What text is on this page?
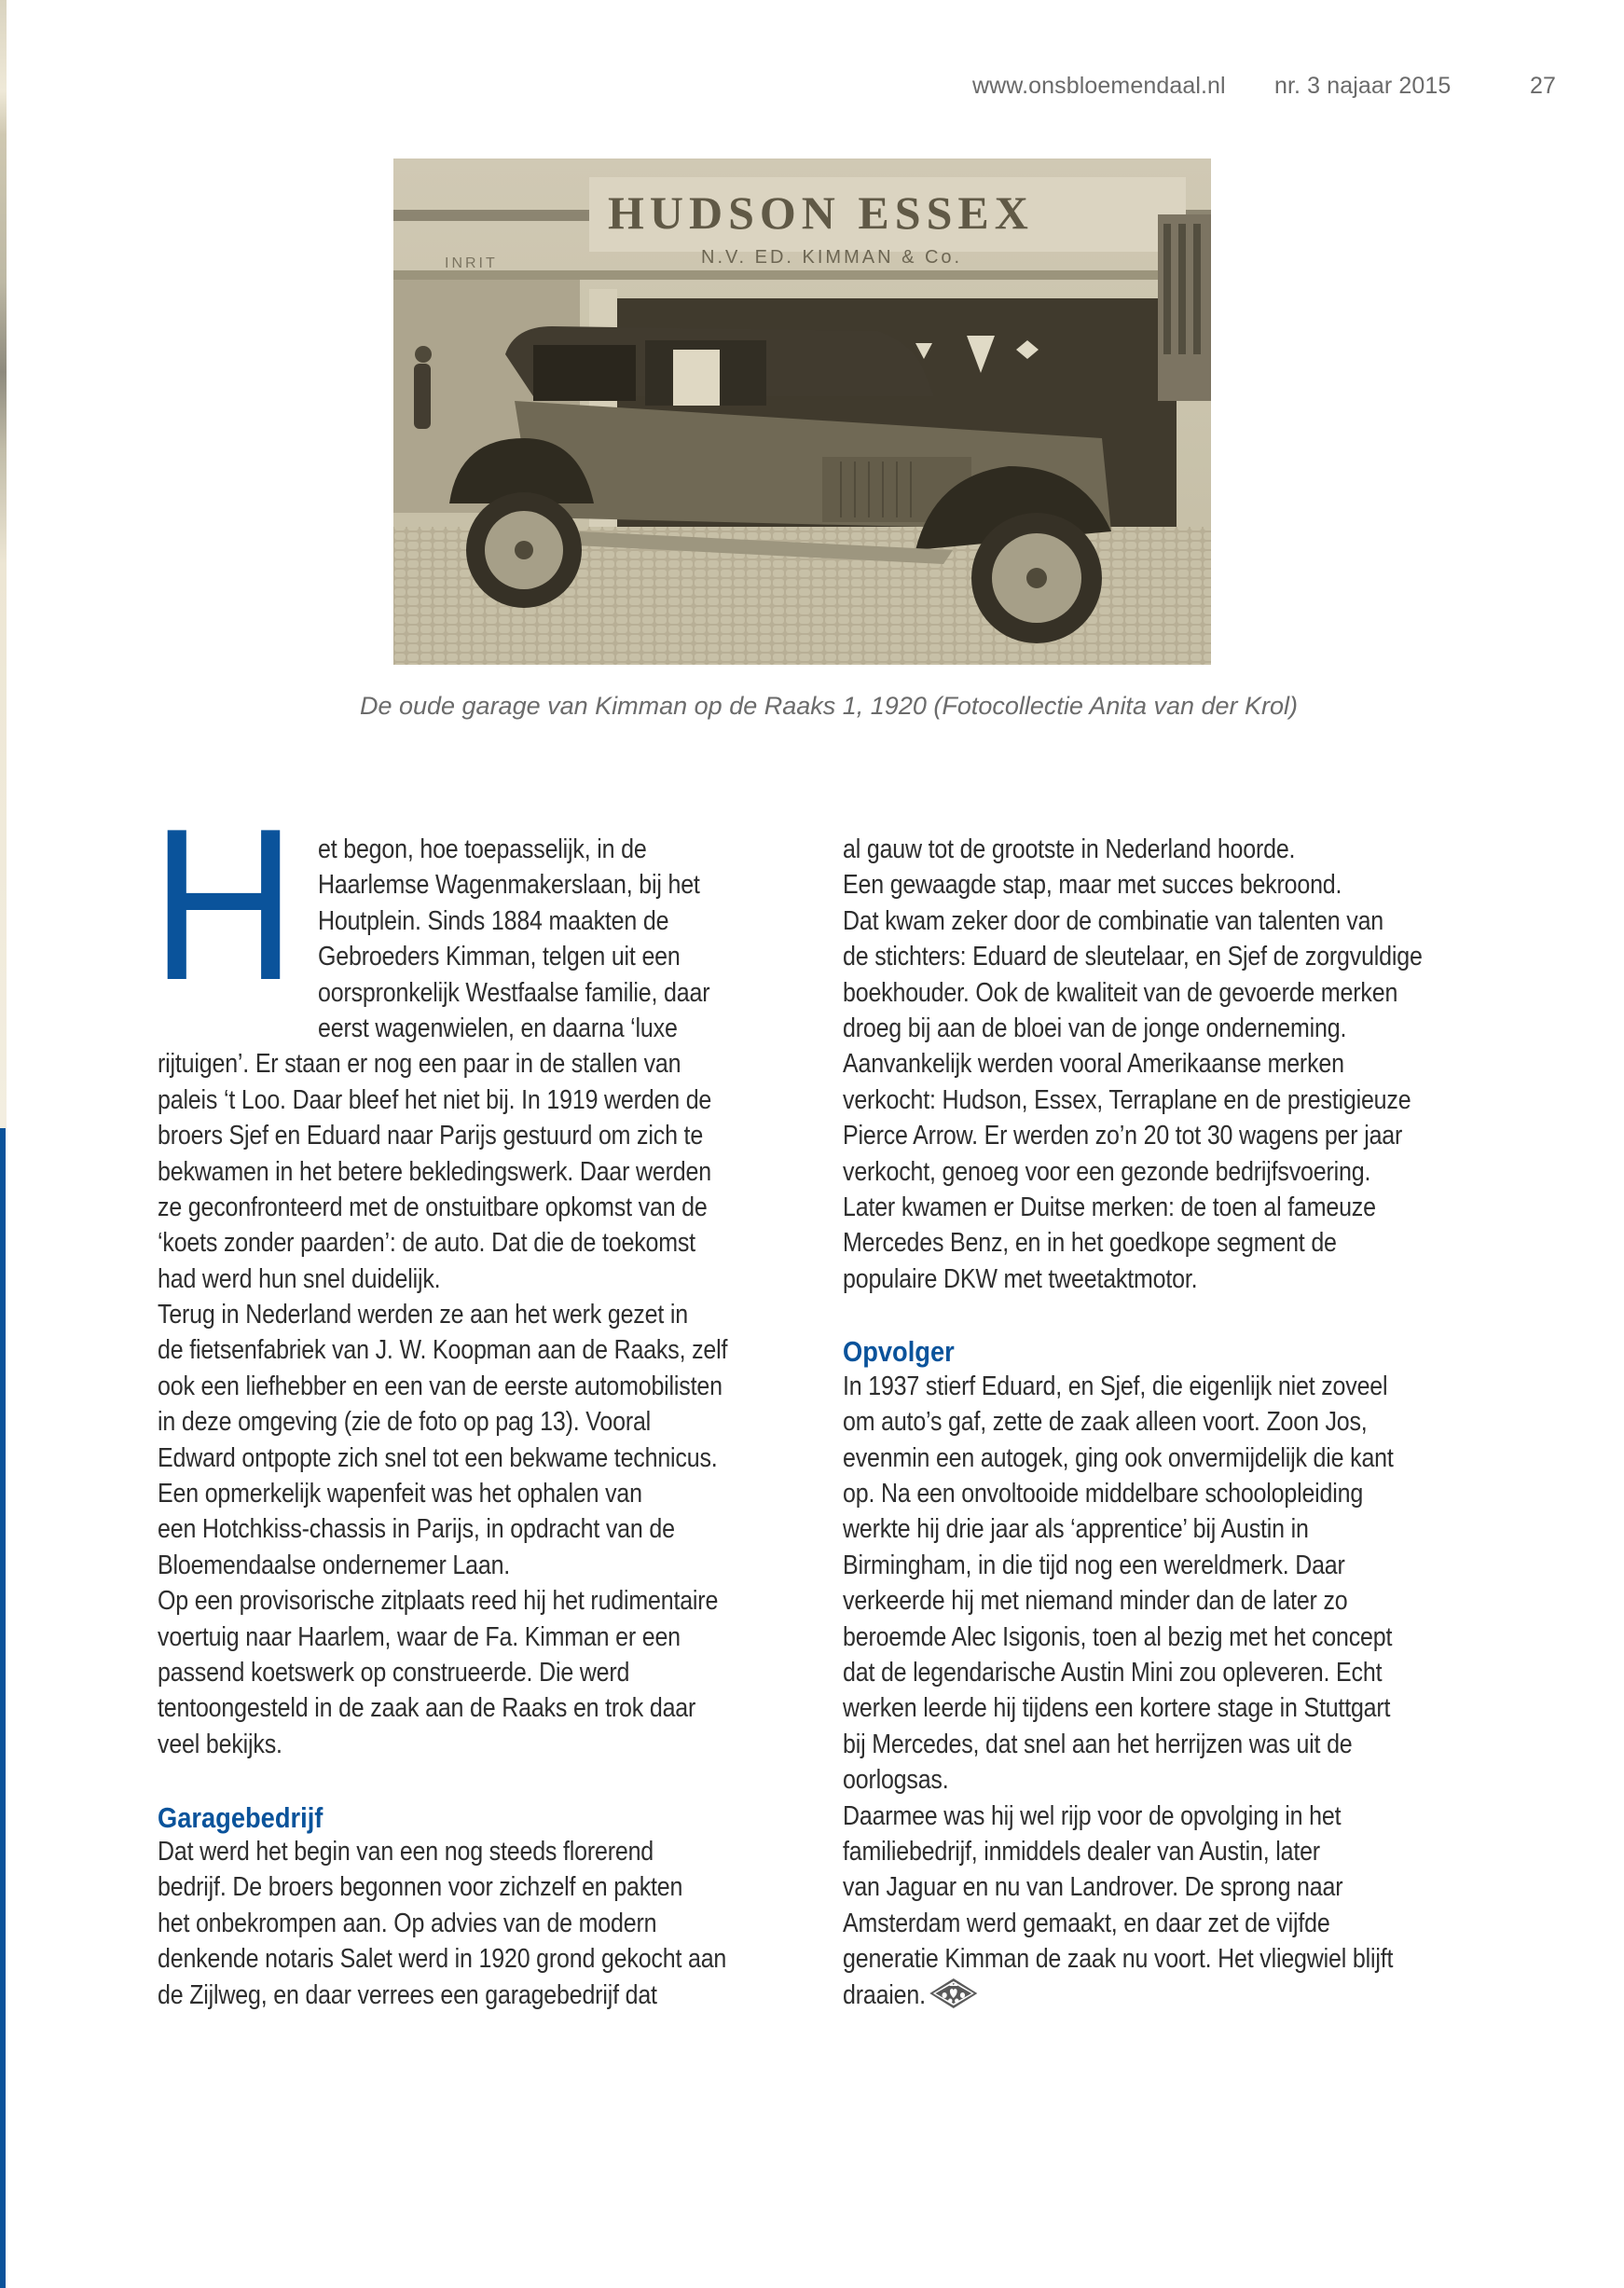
www.onsbloemendaal.nl nr. 3 najaar 2015	27
HUDSON ESSEX
N.V. ED. KIMMAN & Co.
INRIT
De oude garage van Kimman op de Raaks 1, 1920 (Fotocollectie Anita van der Krol)
H et begon, hoe toepasselijk, in de
Haarlemse Wagenmakerslaan, bij het
Houtplein. Sinds 1884 maakten de
Gebroeders Kimman, telgen uit een
oorspronkelijk Westfaalse familie, daar
eerst wagenwielen, en daarna ‘luxe
rijtuigen’. Er staan er nog een paar in de stallen van
paleis ‘t Loo. Daar bleef het niet bij. In 1919 werden de
broers Sjef en Eduard naar Parijs gestuurd om zich te
bekwamen in het betere bekledingswerk. Daar werden
ze geconfronteerd met de onstuitbare opkomst van de
‘koets zonder paarden’: de auto. Dat die de toekomst
had werd hun snel duidelijk.
Terug in Nederland werden ze aan het werk gezet in
de fietsenfabriek van J. W. Koopman aan de Raaks, zelf
ook een liefhebber en een van de eerste automobilisten
in deze omgeving (zie de foto op pag 13). Vooral
Edward ontpopte zich snel tot een bekwame technicus.
Een opmerkelijk wapenfeit was het ophalen van
een Hotchkiss-chassis in Parijs, in opdracht van de
Bloemendaalse ondernemer Laan.
Op een provisorische zitplaats reed hij het rudimentaire
voertuig naar Haarlem, waar de Fa. Kimman er een
passend koetswerk op construeerde. Die werd
tentoongesteld in de zaak aan de Raaks en trok daar
veel bekijks.
Garagebedrijf
Dat werd het begin van een nog steeds florerend
bedrijf. De broers begonnen voor zichzelf en pakten
het onbekrompen aan. Op advies van de modern
denkende notaris Salet werd in 1920 grond gekocht aan
de Zijlweg, en daar verrees een garagebedrijf dat
al gauw tot de grootste in Nederland hoorde.
Een gewaagde stap, maar met succes bekroond.
Dat kwam zeker door de combinatie van talenten van
de stichters: Eduard de sleutelaar, en Sjef de zorgvuldige
boekhouder. Ook de kwaliteit van de gevoerde merken
droeg bij aan de bloei van de jonge onderneming.
Aanvankelijk werden vooral Amerikaanse merken
verkocht: Hudson, Essex, Terraplane en de prestigieuze
Pierce Arrow. Er werden zo’n 20 tot 30 wagens per jaar
verkocht, genoeg voor een gezonde bedrijfsvoering.
Later kwamen er Duitse merken: de toen al fameuze
Mercedes Benz, en in het goedkope segment de
populaire DKW met tweetaktmotor.
Opvolger
In 1937 stierf Eduard, en Sjef, die eigenlijk niet zoveel
om auto’s gaf, zette de zaak alleen voort. Zoon Jos,
evenmin een autogek, ging ook onvermijdelijk die kant
op. Na een onvoltooide middelbare schoolopleiding
werkte hij drie jaar als ‘apprentice’ bij Austin in
Birmingham, in die tijd nog een wereldmerk. Daar
verkeerde hij met niemand minder dan de later zo
beroemde Alec Isigonis, toen al bezig met het concept
dat de legendarische Austin Mini zou opleveren. Echt
werken leerde hij tijdens een kortere stage in Stuttgart
bij Mercedes, dat snel aan het herrijzen was uit de
oorlogsas.
Daarmee was hij wel rijp voor de opvolging in het
familiebedrijf, inmiddels dealer van Austin, later
van Jaguar en nu van Landrover. De sprong naar
Amsterdam werd gemaakt, en daar zet de vijfde
generatie Kimman de zaak nu voort. Het vliegwiel blijft
draaien.
